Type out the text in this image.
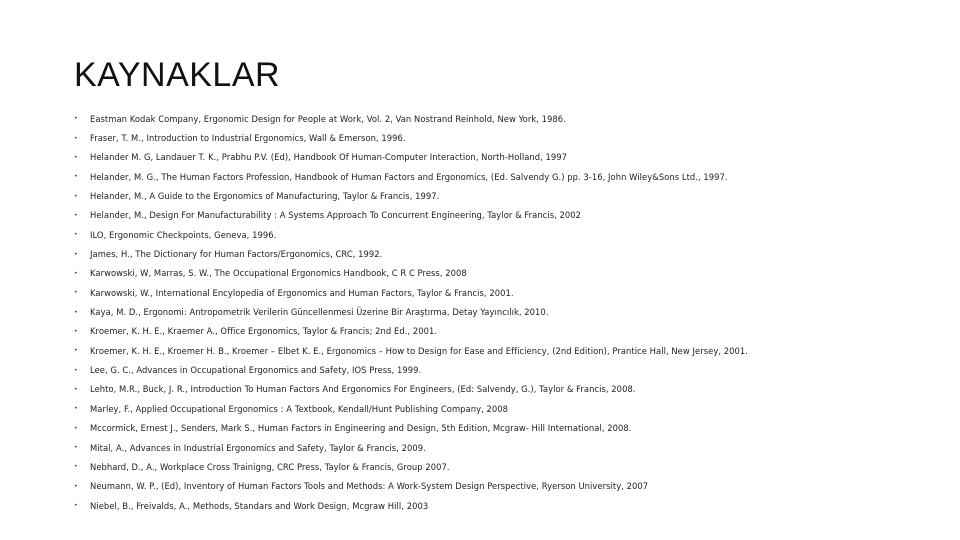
KAYNAKLAR
•	Eastman Kodak Company, Ergonomic Design for People at Work, Vol. 2, Van Nostrand Reinhold, New York, 1986.
•	Fraser, T. M., Introduction to Industrial Ergonomics, Wall & Emerson, 1996.
•	Helander M. G, Landauer T. K., Prabhu P.V. (Ed), Handbook Of Human-Computer Interaction, North-Holland, 1997
•	Helander, M. G., The Human Factors Profession, Handbook of Human Factors and Ergonomics, (Ed. Salvendy G.) pp. 3-16, John Wiley&Sons Ltd., 1997.
•	Helander, M., A Guide to the Ergonomics of Manufacturing, Taylor & Francis, 1997.
•	Helander, M., Design For Manufacturability : A Systems Approach To Concurrent Engineering, Taylor & Francis, 2002
•	ILO, Ergonomic Checkpoints, Geneva, 1996.
•	James, H., The Dictionary for Human Factors/Ergonomics, CRC, 1992.
•	Karwowski, W, Marras, S. W., The Occupational Ergonomics Handbook, C R C Press, 2008
•	Karwowski, W., International Encylopedia of Ergonomics and Human Factors, Taylor & Francis, 2001.
•	Kaya, M. D., Ergonomi: Antropometrik Verilerin Güncellenmesi Üzerine Bir Araştırma, Detay Yayıncılık, 2010.
•	Kroemer, K. H. E., Kraemer A., Office Ergonomics, Taylor & Francis; 2nd Ed., 2001.
•	Kroemer, K. H. E., Kroemer H. B., Kroemer – Elbet K. E., Ergonomics – How to Design for Ease and Efficiency, (2nd Edition), Prantice Hall, New Jersey, 2001.
•	Lee, G. C., Advances in Occupational Ergonomics and Safety, IOS Press, 1999.
•	Lehto, M.R., Buck, J. R., Introduction To Human Factors And Ergonomics For Engineers, (Ed: Salvendy, G.), Taylor & Francis, 2008.
•	Marley, F., Applied Occupational Ergonomics : A Textbook, Kendall/Hunt Publishing Company, 2008
•	Mccormick, Ernest J., Senders, Mark S., Human Factors in Engineering and Design, 5th Edition, Mcgraw- Hill International, 2008.
•	Mital, A., Advances in Industrial Ergonomics and Safety, Taylor & Francis, 2009.
•	Nebhard, D., A., Workplace Cross Trainigng, CRC Press, Taylor & Francis, Group 2007.
•	Neumann, W. P., (Ed), Inventory of Human Factors Tools and Methods: A Work-System Design Perspective, Ryerson University, 2007
•	Niebel, B., Freivalds, A., Methods, Standars and Work Design, Mcgraw Hill, 2003
